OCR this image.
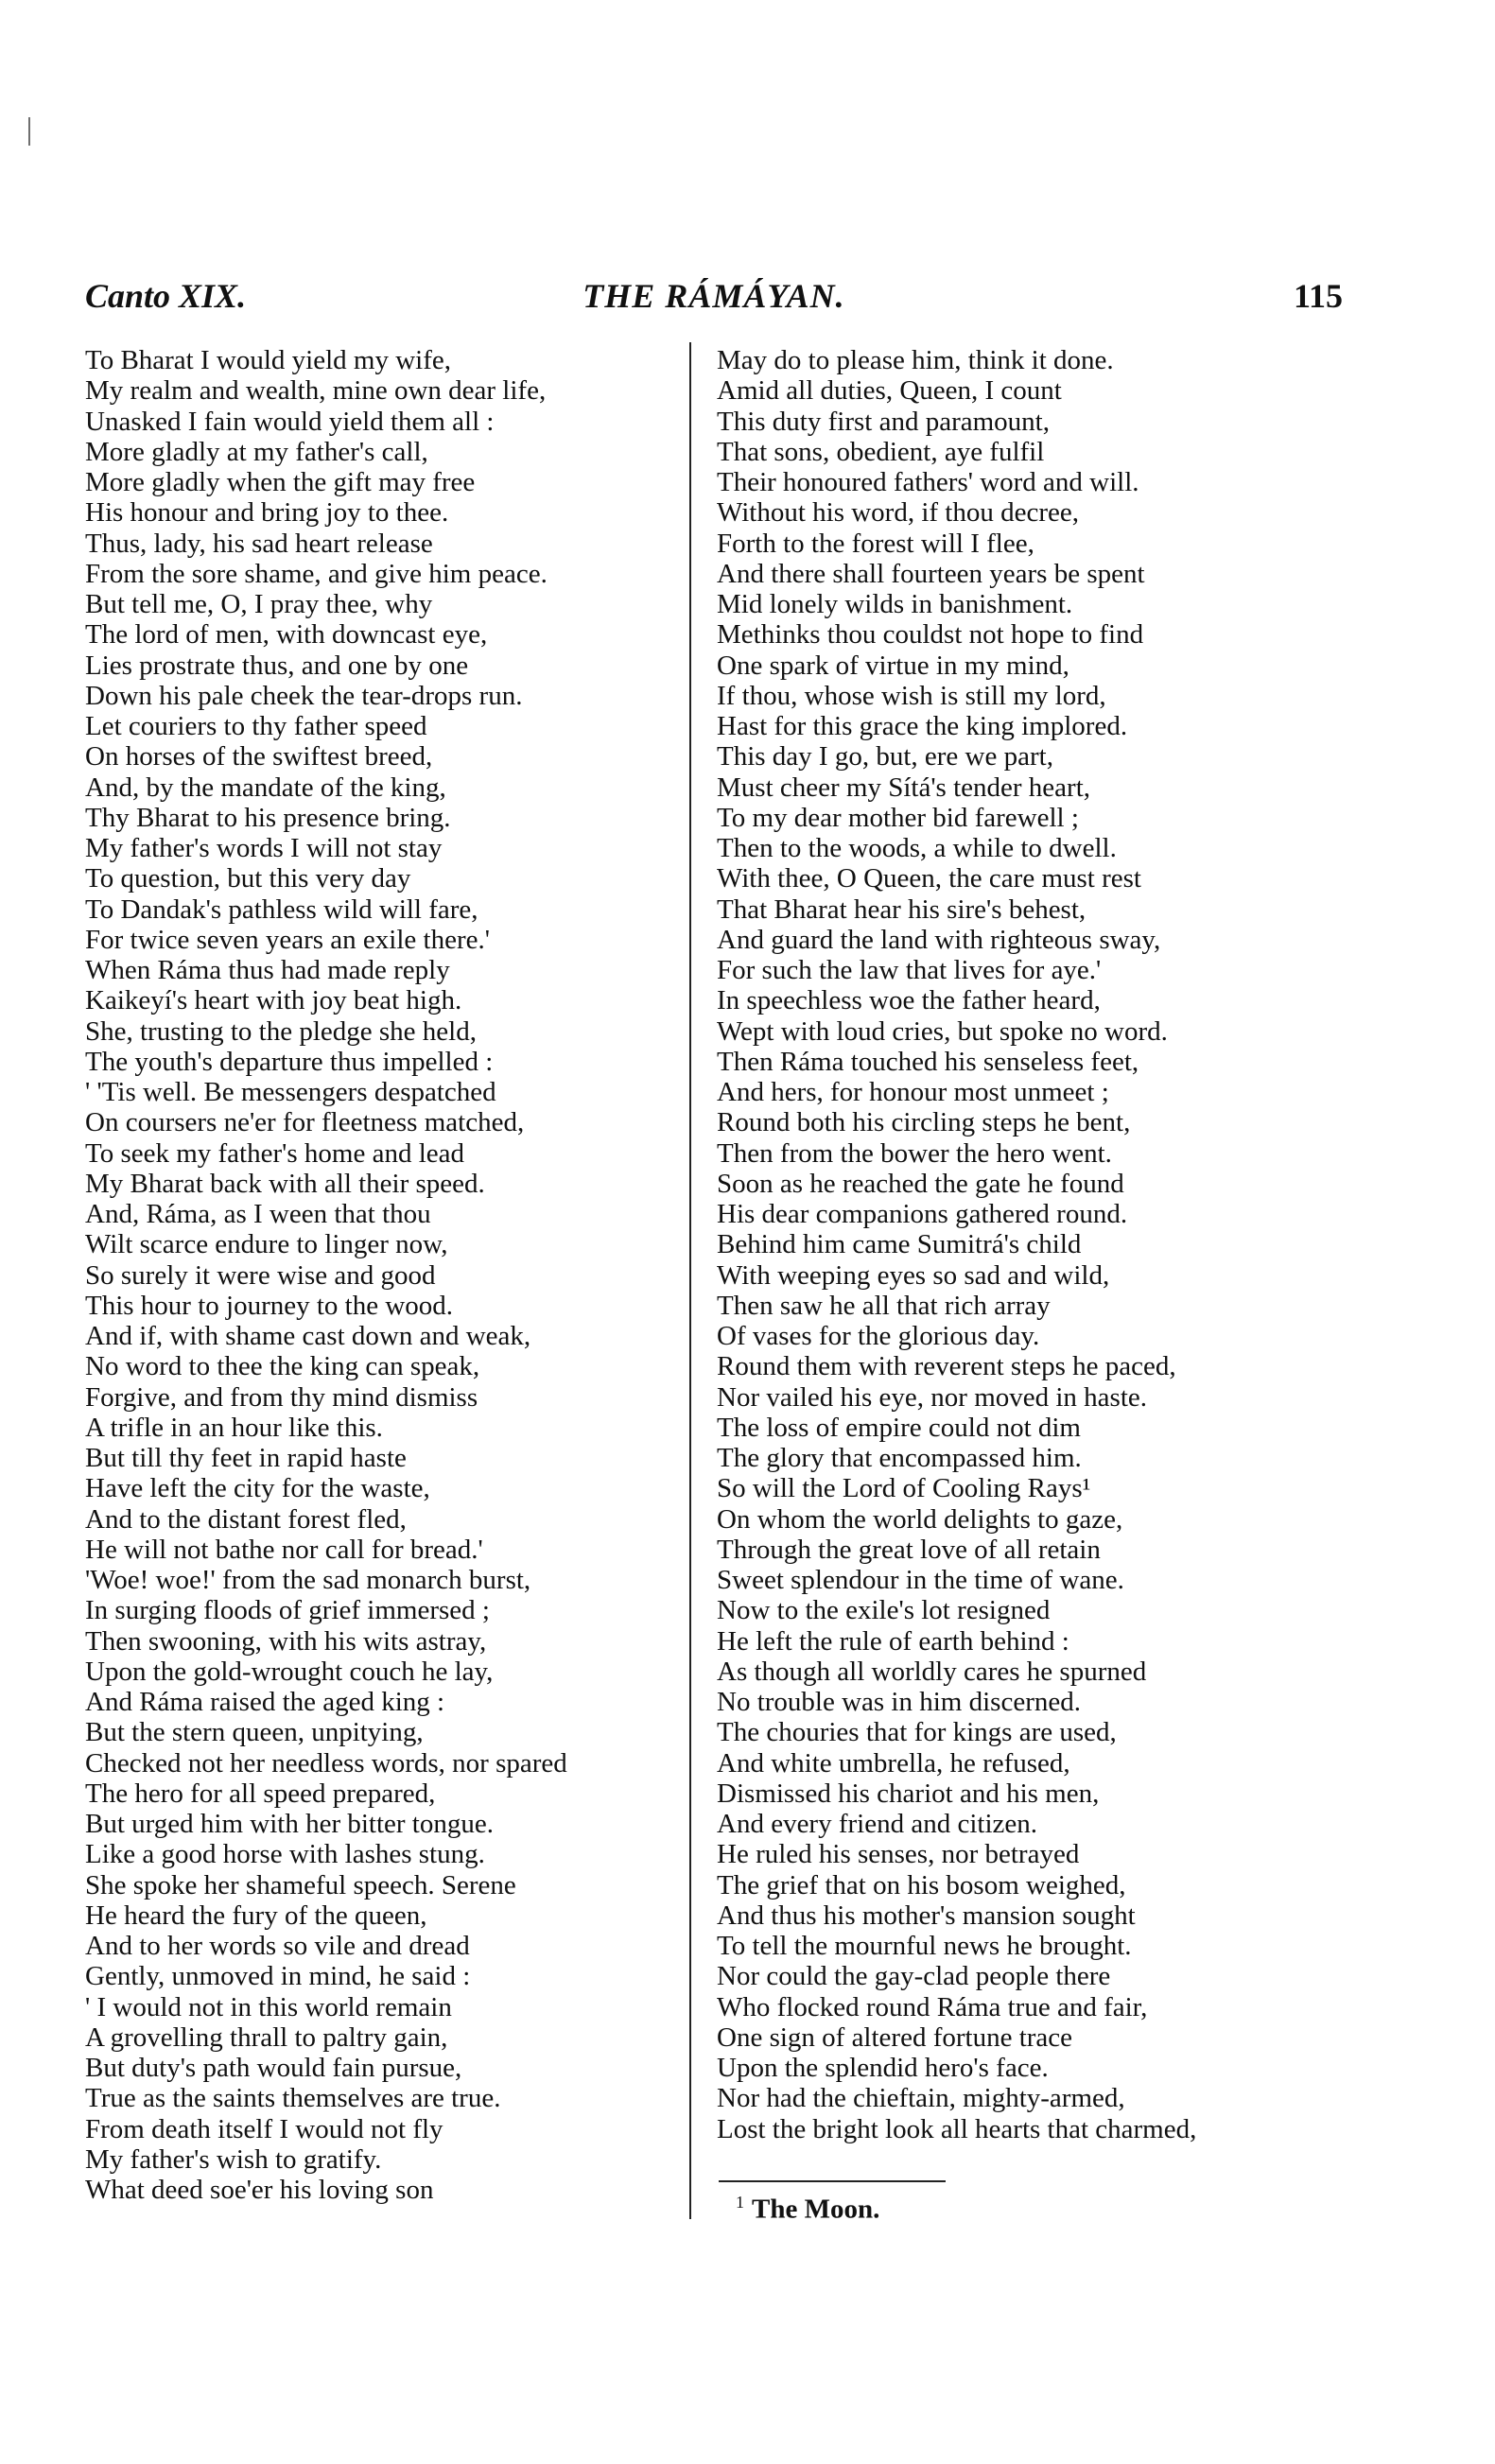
Canto XIX.	THE RÁMÁYAN.	115
To Bharat I would yield my wife,
My realm and wealth, mine own dear life,
Unasked I fain would yield them all :
More gladly at my father's call,
More gladly when the gift may free
His honour and bring joy to thee.
Thus, lady, his sad heart release
From the sore shame, and give him peace.
But tell me, O, I pray thee, why
The lord of men, with downcast eye,
Lies prostrate thus, and one by one
Down his pale cheek the tear-drops run.
Let couriers to thy father speed
On horses of the swiftest breed,
And, by the mandate of the king,
Thy Bharat to his presence bring.
My father's words I will not stay
To question, but this very day
To Dandak's pathless wild will fare,
For twice seven years an exile there.'
When Ráma thus had made reply
Kaikeyí's heart with joy beat high.
She, trusting to the pledge she held,
The youth's departure thus impelled :
' 'Tis well. Be messengers despatched
On coursers ne'er for fleetness matched,
To seek my father's home and lead
My Bharat back with all their speed.
And, Ráma, as I ween that thou
Wilt scarce endure to linger now,
So surely it were wise and good
This hour to journey to the wood.
And if, with shame cast down and weak,
No word to thee the king can speak,
Forgive, and from thy mind dismiss
A trifle in an hour like this.
But till thy feet in rapid haste
Have left the city for the waste,
And to the distant forest fled,
He will not bathe nor call for bread.'
'Woe! woe!' from the sad monarch burst,
In surging floods of grief immersed ;
Then swooning, with his wits astray,
Upon the gold-wrought couch he lay,
And Ráma raised the aged king :
But the stern queen, unpitying,
Checked not her needless words, nor spared
The hero for all speed prepared,
But urged him with her bitter tongue.
Like a good horse with lashes stung.
She spoke her shameful speech. Serene
He heard the fury of the queen,
And to her words so vile and dread
Gently, unmoved in mind, he said :
' I would not in this world remain
A grovelling thrall to paltry gain,
But duty's path would fain pursue,
True as the saints themselves are true.
From death itself I would not fly
My father's wish to gratify.
What deed soe'er his loving son
May do to please him, think it done.
Amid all duties, Queen, I count
This duty first and paramount,
That sons, obedient, aye fulfil
Their honoured fathers' word and will.
Without his word, if thou decree,
Forth to the forest will I flee,
And there shall fourteen years be spent
Mid lonely wilds in banishment.
Methinks thou couldst not hope to find
One spark of virtue in my mind,
If thou, whose wish is still my lord,
Hast for this grace the king implored.
This day I go, but, ere we part,
Must cheer my Sítá's tender heart,
To my dear mother bid farewell ;
Then to the woods, a while to dwell.
With thee, O Queen, the care must rest
That Bharat hear his sire's behest,
And guard the land with righteous sway,
For such the law that lives for aye.'
In speechless woe the father heard,
Wept with loud cries, but spoke no word.
Then Ráma touched his senseless feet,
And hers, for honour most unmeet ;
Round both his circling steps he bent,
Then from the bower the hero went.
Soon as he reached the gate he found
His dear companions gathered round.
Behind him came Sumitrá's child
With weeping eyes so sad and wild,
Then saw he all that rich array
Of vases for the glorious day.
Round them with reverent steps he paced,
Nor vailed his eye, nor moved in haste.
The loss of empire could not dim
The glory that encompassed him.
So will the Lord of Cooling Rays¹
On whom the world delights to gaze,
Through the great love of all retain
Sweet splendour in the time of wane.
Now to the exile's lot resigned
He left the rule of earth behind :
As though all worldly cares he spurned
No trouble was in him discerned.
The chouries that for kings are used,
And white umbrella, he refused,
Dismissed his chariot and his men,
And every friend and citizen.
He ruled his senses, nor betrayed
The grief that on his bosom weighed,
And thus his mother's mansion sought
To tell the mournful news he brought.
Nor could the gay-clad people there
Who flocked round Ráma true and fair,
One sign of altered fortune trace
Upon the splendid hero's face.
Nor had the chieftain, mighty-armed,
Lost the bright look all hearts that charmed,
$^1$ The Moon.
